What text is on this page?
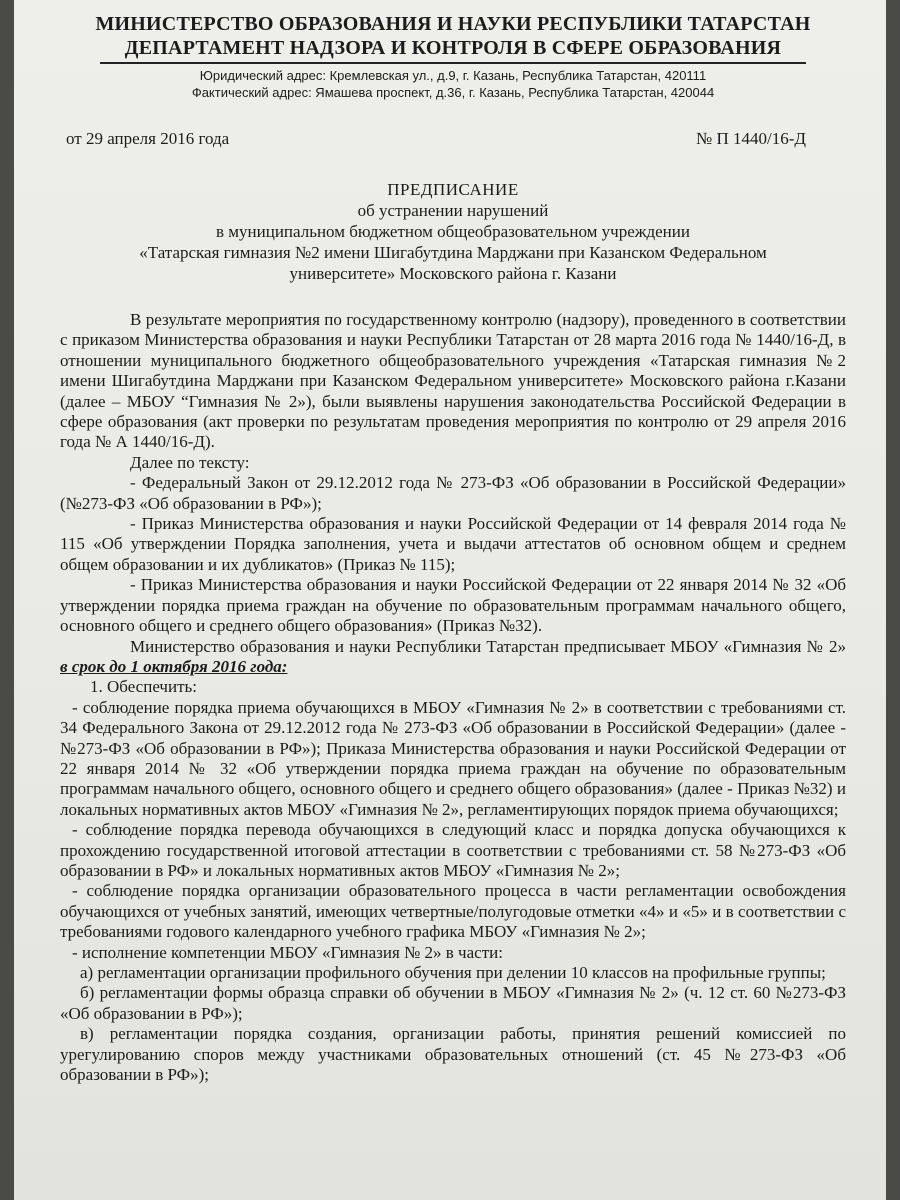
МИНИСТЕРСТВО ОБРАЗОВАНИЯ И НАУКИ РЕСПУБЛИКИ ТАТАРСТАН

ДЕПАРТАМЕНТ НАДЗОРА И КОНТРОЛЯ В СФЕРЕ ОБРАЗОВАНИЯ

Юридический адрес: Кремлевская ул., д.9, г. Казань, Республика Татарстан, 420111
Фактический адрес: Ямашева проспект, д.36, г. Казань, Республика Татарстан, 420044
от 29 апреля 2016 года	№ П 1440/16-Д
ПРЕДПИСАНИЕ
об устранении нарушений
в муниципальном бюджетном общеобразовательном учреждении
«Татарская гимназия №2 имени Шигабутдина Марджани при Казанском Федеральном
университете» Московского района г. Казани

В результате мероприятия по государственному контролю (надзору), проведенного в соответствии с приказом Министерства образования и науки Республики Татарстан от 28 марта 2016 года № 1440/16-Д, в отношении муниципального бюджетного общеобразовательного учреждения «Татарская гимназия №2 имени Шигабутдина Марджани при Казанском Федеральном университете» Московского района г.Казани (далее – МБОУ “Гимназия № 2»), были выявлены нарушения законодательства Российской Федерации в сфере образования (акт проверки по результатам проведения мероприятия по контролю от 29 апреля 2016 года № А 1440/16-Д).

Далее по тексту:

- Федеральный Закон от 29.12.2012 года № 273-ФЗ «Об образовании в Российской Федерации» (№273-ФЗ «Об образовании в РФ»);

- Приказ Министерства образования и науки Российской Федерации от 14 февраля 2014 года № 115 «Об утверждении Порядка заполнения, учета и выдачи аттестатов об основном общем и среднем общем образовании и их дубликатов» (Приказ № 115);

- Приказ Министерства образования и науки Российской Федерации от 22 января 2014 № 32 «Об утверждении порядка приема граждан на обучение по образовательным программам начального общего, основного общего и среднего общего образования» (Приказ №32).

Министерство образования и науки Республики Татарстан предписывает МБОУ «Гимназия № 2» в срок до 1 октября 2016 года:

1. Обеспечить:

- соблюдение порядка приема обучающихся в МБОУ «Гимназия № 2» в соответствии с требованиями ст. 34 Федерального Закона от 29.12.2012 года № 273-ФЗ «Об образовании в Российской Федерации» (далее - №273-ФЗ «Об образовании в РФ»); Приказа Министерства образования и науки Российской Федерации от 22 января 2014 № 32 «Об утверждении порядка приема граждан на обучение по образовательным программам начального общего, основного общего и среднего общего образования» (далее - Приказ №32) и локальных нормативных актов МБОУ «Гимназия № 2», регламентирующих порядок приема обучающихся;

- соблюдение порядка перевода обучающихся в следующий класс и порядка допуска обучающихся к прохождению государственной итоговой аттестации в соответствии с требованиями ст. 58 №273-ФЗ «Об образовании в РФ» и локальных нормативных актов МБОУ «Гимназия № 2»;

- соблюдение порядка организации образовательного процесса в части регламентации освобождения обучающихся от учебных занятий, имеющих четвертные/полугодовые отметки «4» и «5» и в соответствии с требованиями годового календарного учебного графика МБОУ «Гимназия № 2»;

- исполнение компетенции МБОУ «Гимназия № 2» в части:

а) регламентации организации профильного обучения при делении 10 классов на профильные группы;

б) регламентации формы образца справки об обучении в МБОУ «Гимназия № 2» (ч. 12 ст. 60 №273-ФЗ «Об образовании в РФ»);

в) регламентации порядка создания, организации работы, принятия решений комиссией по урегулированию споров между участниками образовательных отношений (ст. 45 №273-ФЗ «Об образовании в РФ»);
